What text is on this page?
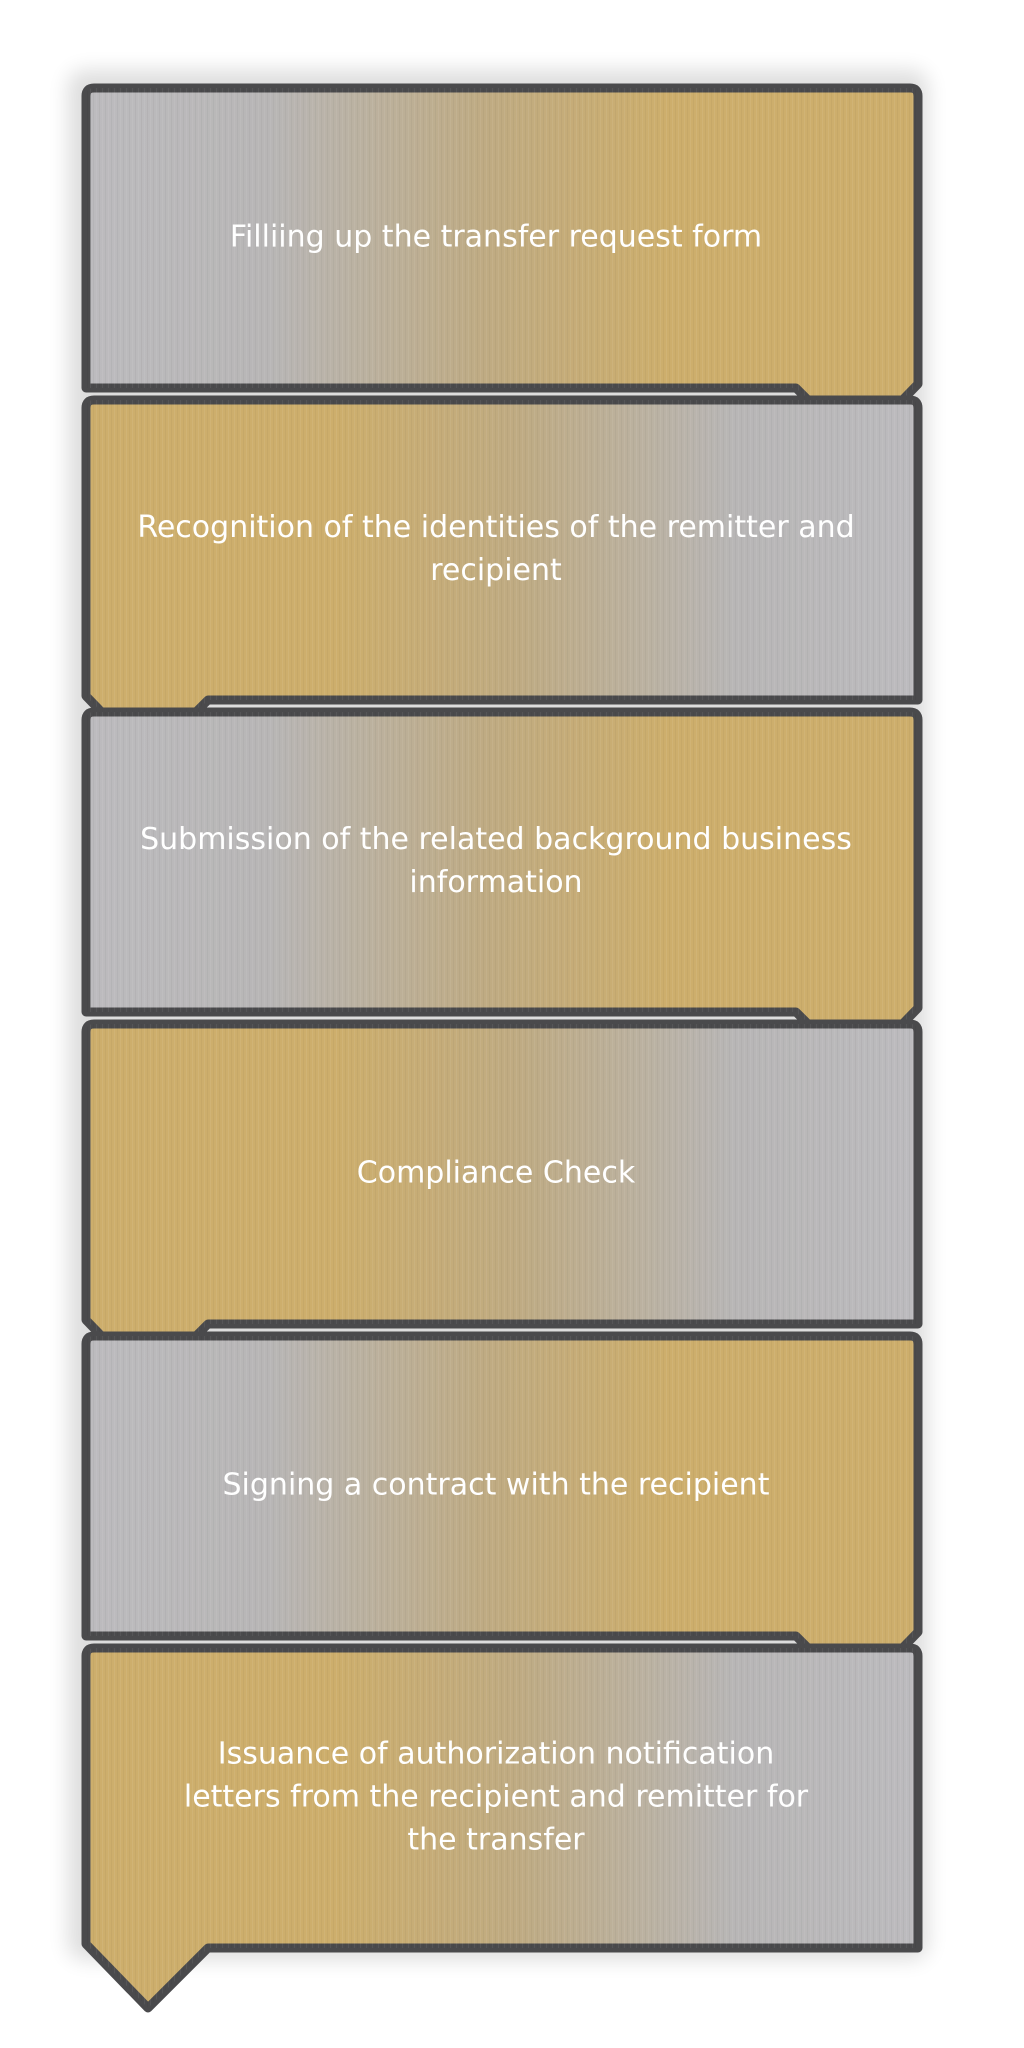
Filliing up the transfer request form
Recognition of the identities of the remitter and
recipient
Submission of the related background business
information
Compliance Check
Signing a contract with the recipient
Issuance of authorization notification
letters from the recipient and remitter for
the transfer
